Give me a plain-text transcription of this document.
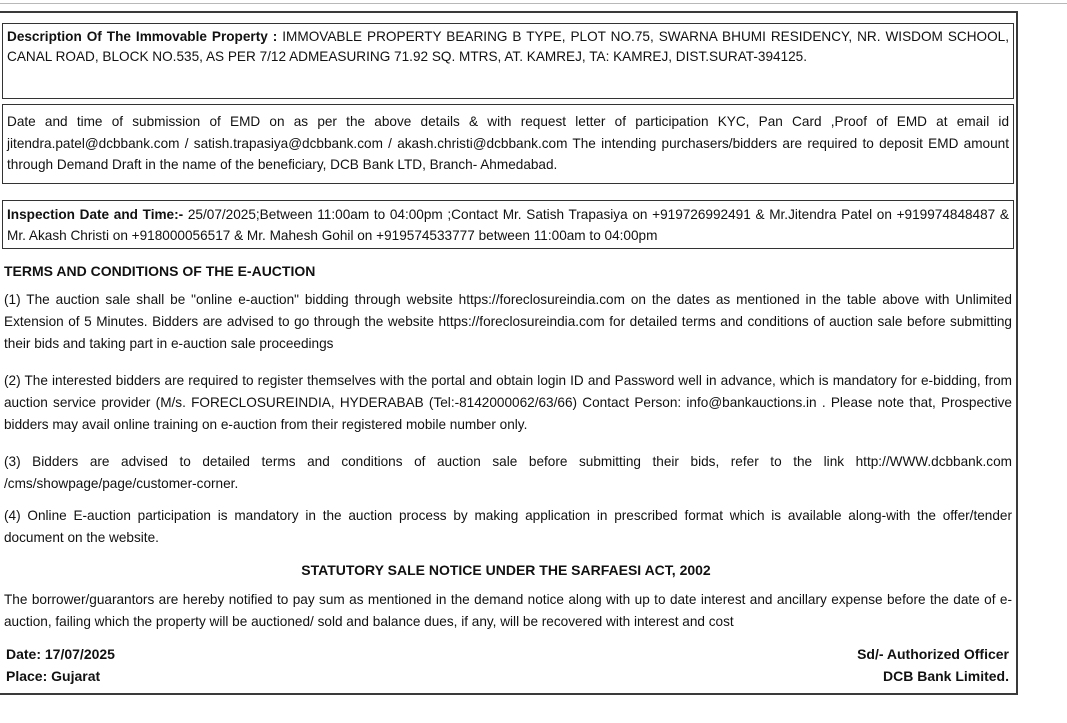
Description Of The Immovable Property : IMMOVABLE PROPERTY BEARING B TYPE, PLOT NO.75, SWARNA BHUMI RESIDENCY, NR. WISDOM SCHOOL, CANAL ROAD, BLOCK NO.535, AS PER 7/12 ADMEASURING 71.92 SQ. MTRS, AT. KAMREJ, TA: KAMREJ, DIST.SURAT-394125.
Date and time of submission of EMD on as per the above details & with request letter of participation KYC, Pan Card ,Proof of EMD at email id jitendra.patel@dcbbank.com / satish.trapasiya@dcbbank.com / akash.christi@dcbbank.com The intending purchasers/bidders are required to deposit EMD amount through Demand Draft in the name of the beneficiary, DCB Bank LTD, Branch- Ahmedabad.
Inspection Date and Time:- 25/07/2025;Between 11:00am to 04:00pm ;Contact Mr. Satish Trapasiya on +919726992491 & Mr.Jitendra Patel on +919974848487 & Mr. Akash Christi on +918000056517 & Mr. Mahesh Gohil on +919574533777 between 11:00am to 04:00pm
TERMS AND CONDITIONS OF THE E-AUCTION
(1) The auction sale shall be "online e-auction" bidding through website https://foreclosureindia.com on the dates as mentioned in the table above with Unlimited Extension of 5 Minutes. Bidders are advised to go through the website https://foreclosureindia.com for detailed terms and conditions of auction sale before submitting their bids and taking part in e-auction sale proceedings
(2) The interested bidders are required to register themselves with the portal and obtain login ID and Password well in advance, which is mandatory for e-bidding, from auction service provider (M/s. FORECLOSUREINDIA, HYDERABAB (Tel:-8142000062/63/66) Contact Person: info@bankauctions.in . Please note that, Prospective bidders may avail online training on e-auction from their registered mobile number only.
(3) Bidders are advised to detailed terms and conditions of auction sale before submitting their bids, refer to the link http://WWW.dcbbank.com /cms/showpage/page/customer-corner.
(4) Online E-auction participation is mandatory in the auction process by making application in prescribed format which is available along-with the offer/tender document on the website.
STATUTORY SALE NOTICE UNDER THE SARFAESI ACT, 2002
The borrower/guarantors are hereby notified to pay sum as mentioned in the demand notice along with up to date interest and ancillary expense before the date of e-auction, failing which the property will be auctioned/ sold and balance dues, if any, will be recovered with interest and cost
Date: 17/07/2025
Place: Gujarat
Sd/- Authorized Officer
DCB Bank Limited.
